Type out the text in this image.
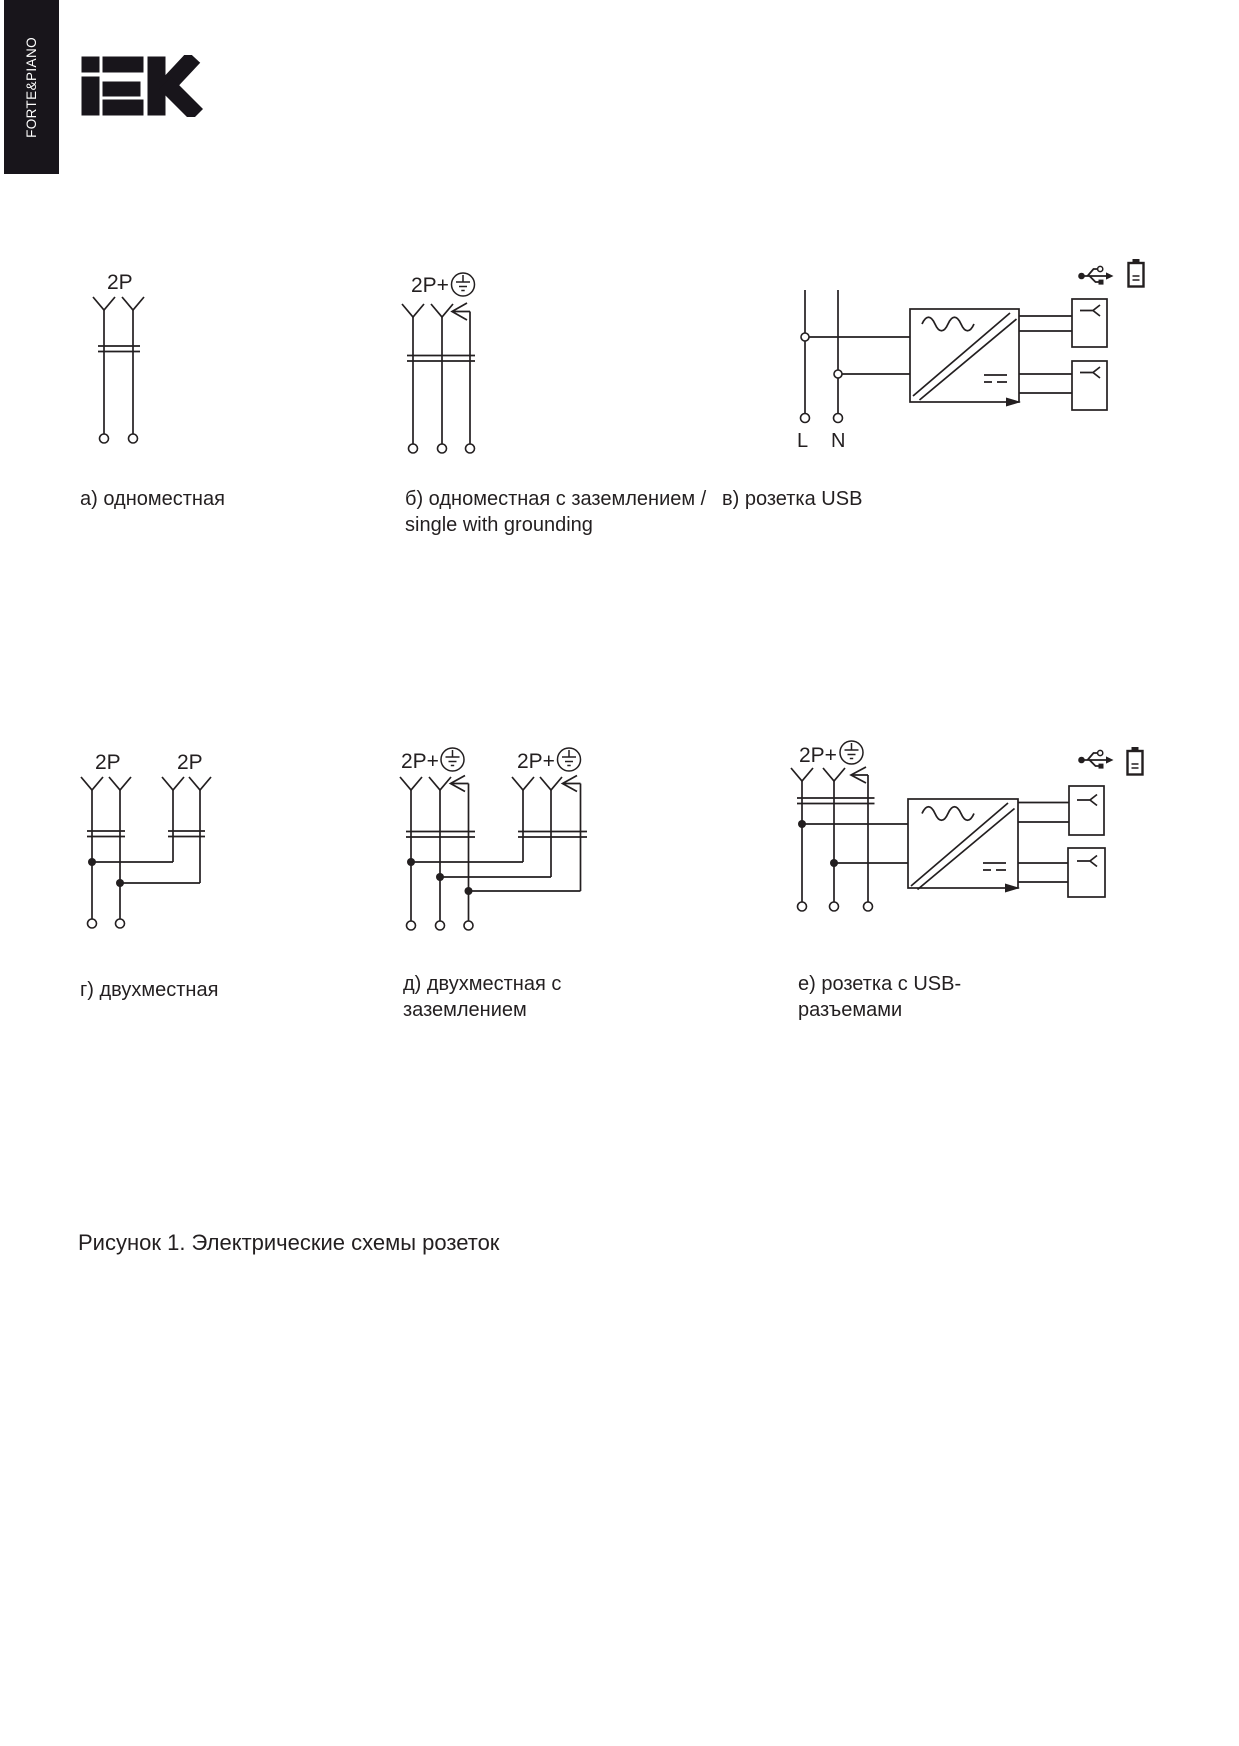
FORTE&PIANO
2P	2P+
L N
2P	2P	2P+	2P+	2P+
а) одноместная	б) одноместная с заземлением /
single with grounding
в) розетка USB
г) двухместная	д) двухместная с
заземлением
е) розетка с USB-
разъемами
Рисунок 1. Электрические схемы розеток
